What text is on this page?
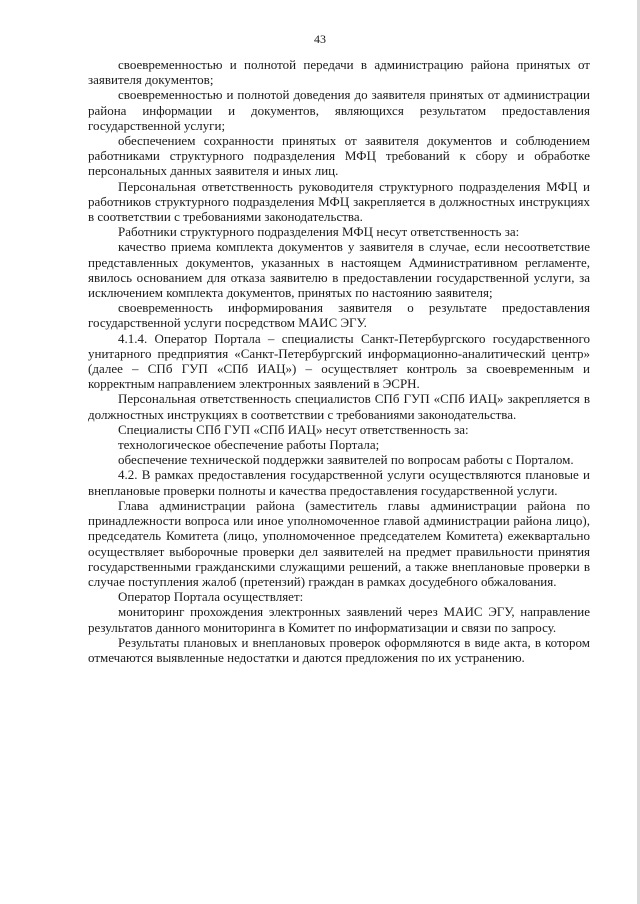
43

своевременностью и полнотой передачи в администрацию района принятых от заявителя документов;

своевременностью и полнотой доведения до заявителя принятых от администрации района информации и документов, являющихся результатом предоставления государственной услуги;

обеспечением сохранности принятых от заявителя документов и соблюдением работниками структурного подразделения МФЦ требований к сбору и обработке персональных данных заявителя и иных лиц.

Персональная ответственность руководителя структурного подразделения МФЦ и работников структурного подразделения МФЦ закрепляется в должностных инструкциях в соответствии с требованиями законодательства.

Работники структурного подразделения МФЦ несут ответственность за:

качество приема комплекта документов у заявителя в случае, если несоответствие представленных документов, указанных в настоящем Административном регламенте, явилось основанием для отказа заявителю в предоставлении государственной услуги, за исключением комплекта документов, принятых по настоянию заявителя;

своевременность информирования заявителя о результате предоставления государственной услуги посредством МАИС ЭГУ.

4.1.4. Оператор Портала – специалисты Санкт-Петербургского государственного унитарного предприятия «Санкт-Петербургский информационно-аналитический центр» (далее – СПб ГУП «СПб ИАЦ») – осуществляет контроль за своевременным и корректным направлением электронных заявлений в ЭСРН.

Персональная ответственность специалистов СПб ГУП «СПб ИАЦ» закрепляется в должностных инструкциях в соответствии с требованиями законодательства.

Специалисты СПб ГУП «СПб ИАЦ» несут ответственность за:

технологическое обеспечение работы Портала;

обеспечение технической поддержки заявителей по вопросам работы с Порталом.

4.2. В рамках предоставления государственной услуги осуществляются плановые и внеплановые проверки полноты и качества предоставления государственной услуги.

Глава администрации района (заместитель главы администрации района по принадлежности вопроса или иное уполномоченное главой администрации района лицо), председатель Комитета (лицо, уполномоченное председателем Комитета) ежеквартально осуществляет выборочные проверки дел заявителей на предмет правильности принятия государственными гражданскими служащими решений, а также внеплановые проверки в случае поступления жалоб (претензий) граждан в рамках досудебного обжалования.

Оператор Портала осуществляет:

мониторинг прохождения электронных заявлений через МАИС ЭГУ, направление результатов данного мониторинга в Комитет по информатизации и связи по запросу.

Результаты плановых и внеплановых проверок оформляются в виде акта, в котором отмечаются выявленные недостатки и даются предложения по их устранению.
